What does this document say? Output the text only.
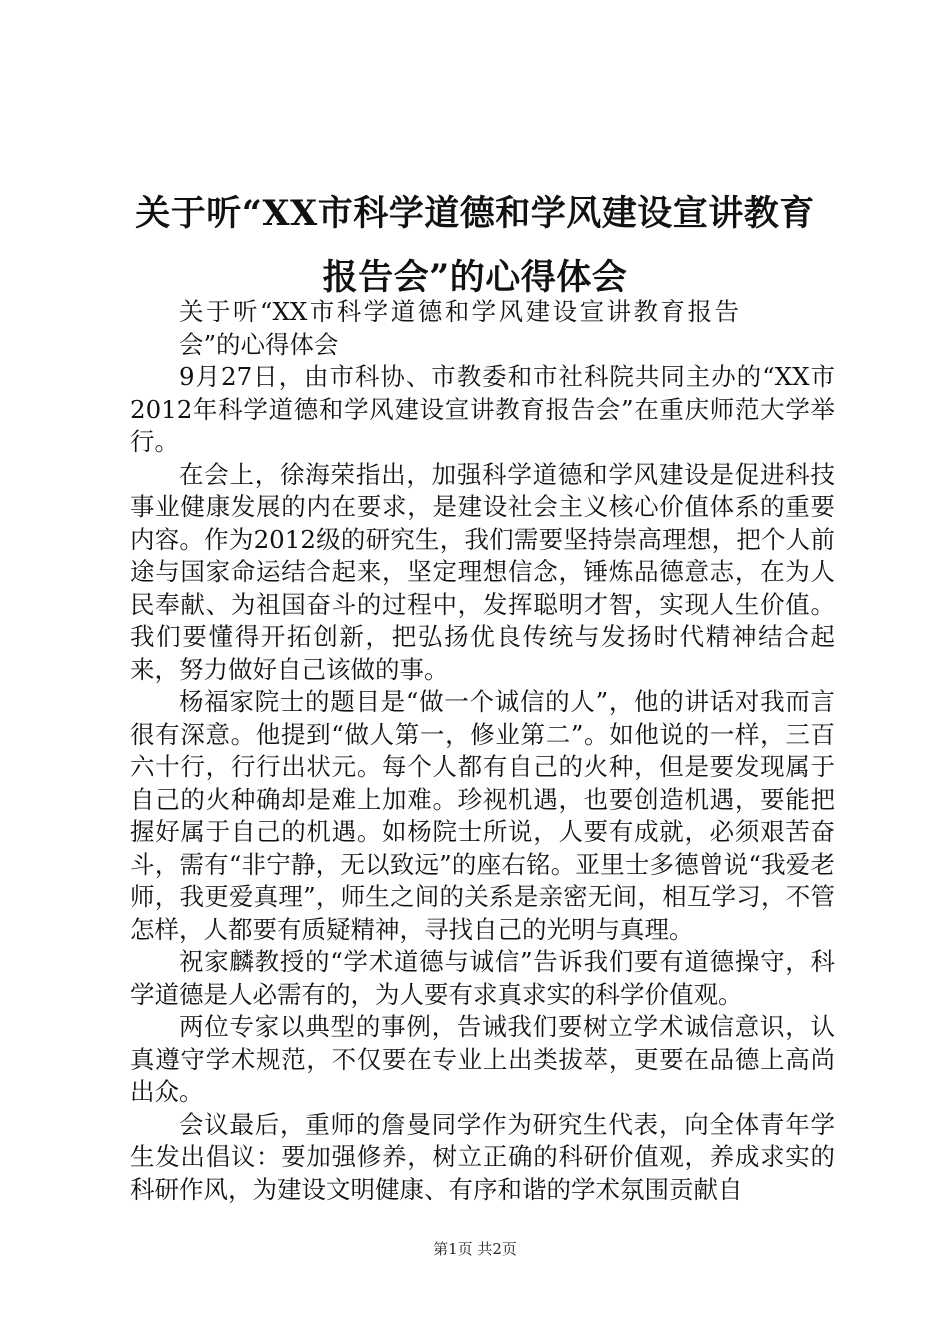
关于听“XX市科学道德和学风建设宣讲教育报告会”的心得体会

关于听“XX市科学道德和学风建设宣讲教育报告会”的心得体会

9月27日，由市科协、市教委和市社科院共同主办的“XX市2012年科学道德和学风建设宣讲教育报告会”在重庆师范大学举行。

在会上，徐海荣指出，加强科学道德和学风建设是促进科技事业健康发展的内在要求，是建设社会主义核心价值体系的重要内容。作为2012级的研究生，我们需要坚持崇高理想，把个人前途与国家命运结合起来，坚定理想信念，锤炼品德意志，在为人民奉献、为祖国奋斗的过程中，发挥聪明才智，实现人生价值。我们要懂得开拓创新，把弘扬优良传统与发扬时代精神结合起来，努力做好自己该做的事。

杨福家院士的题目是“做一个诚信的人”，他的讲话对我而言很有深意。他提到“做人第一，修业第二”。如他说的一样，三百六十行，行行出状元。每个人都有自己的火种，但是要发现属于自己的火种确却是难上加难。珍视机遇，也要创造机遇，要能把握好属于自己的机遇。如杨院士所说，人要有成就，必须艰苦奋斗，需有“非宁静，无以致远”的座右铭。亚里士多德曾说“我爱老师，我更爱真理”，师生之间的关系是亲密无间，相互学习，不管怎样，人都要有质疑精神，寻找自己的光明与真理。

祝家麟教授的“学术道德与诚信”告诉我们要有道德操守，科学道德是人必需有的，为人要有求真求实的科学价值观。

两位专家以典型的事例，告诫我们要树立学术诚信意识，认真遵守学术规范，不仅要在专业上出类拔萃，更要在品德上高尚出众。

会议最后，重师的詹曼同学作为研究生代表，向全体青年学生发出倡议：要加强修养，树立正确的科研价值观，养成求实的科研作风，为建设文明健康、有序和谐的学术氛围贡献自

第1页 共2页
